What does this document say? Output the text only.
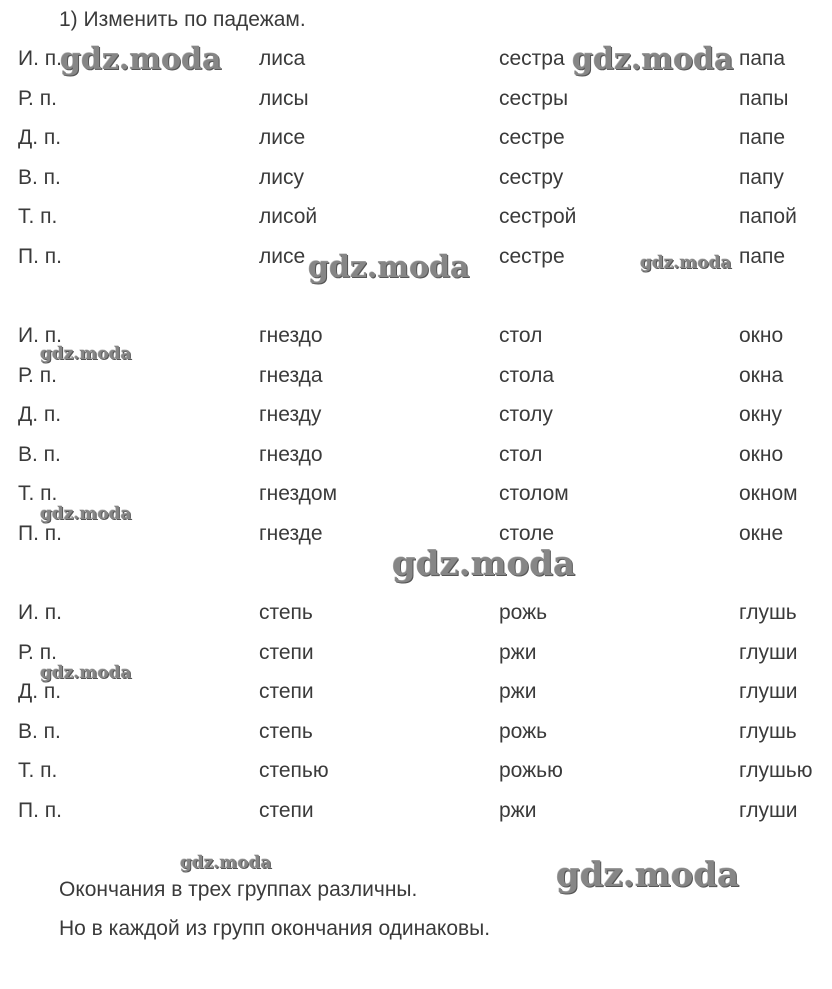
1) Изменить по падежам.
И. п.	лиса	сестра	папа
Р. п.	лисы	сестры	папы
Д. п.	лисе	сестре	папе
В. п.	лису	сестру	папу
Т. п.	лисой	сестрой	папой
П. п.	лисе	сестре	папе
И. п.	гнездо	стол	окно
Р. п.	гнезда	стола	окна
Д. п.	гнезду	столу	окну
В. п.	гнездо	стол	окно
Т. п.	гнездом	столом	окном
П. п.	гнезде	столе	окне
И. п.	степь	рожь	глушь
Р. п.	степи	ржи	глуши
Д. п.	степи	ржи	глуши
В. п.	степь	рожь	глушь
Т. п.	степью	рожью	глушью
П. п.	степи	ржи	глуши
Окончания в трех группах различны.
Но в каждой из групп окончания одинаковы.
gdz.moda	gdz.moda
gdz.moda	gdz.moda
gdz.moda
gdz.moda
gdz.moda
gdz.moda
gdz.moda	gdz.moda
